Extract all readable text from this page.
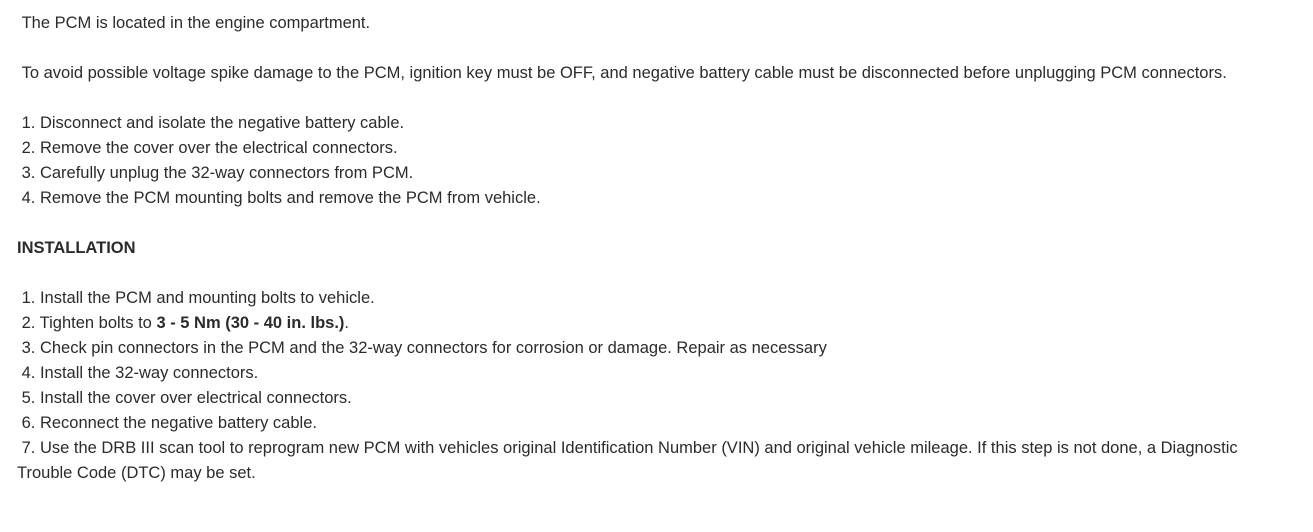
The PCM is located in the engine compartment.

To avoid possible voltage spike damage to the PCM, ignition key must be OFF, and negative battery cable must be disconnected before unplugging PCM connectors.

1. Disconnect and isolate the negative battery cable.

2. Remove the cover over the electrical connectors.

3. Carefully unplug the 32-way connectors from PCM.

4. Remove the PCM mounting bolts and remove the PCM from vehicle.

INSTALLATION

1. Install the PCM and mounting bolts to vehicle.

2. Tighten bolts to 3 - 5 Nm (30 - 40 in. lbs.).

3. Check pin connectors in the PCM and the 32-way connectors for corrosion or damage. Repair as necessary

4. Install the 32-way connectors.

5. Install the cover over electrical connectors.

6. Reconnect the negative battery cable.

7. Use the DRB III scan tool to reprogram new PCM with vehicles original Identification Number (VIN) and original vehicle mileage. If this step is not done, a Diagnostic Trouble Code (DTC) may be set.
